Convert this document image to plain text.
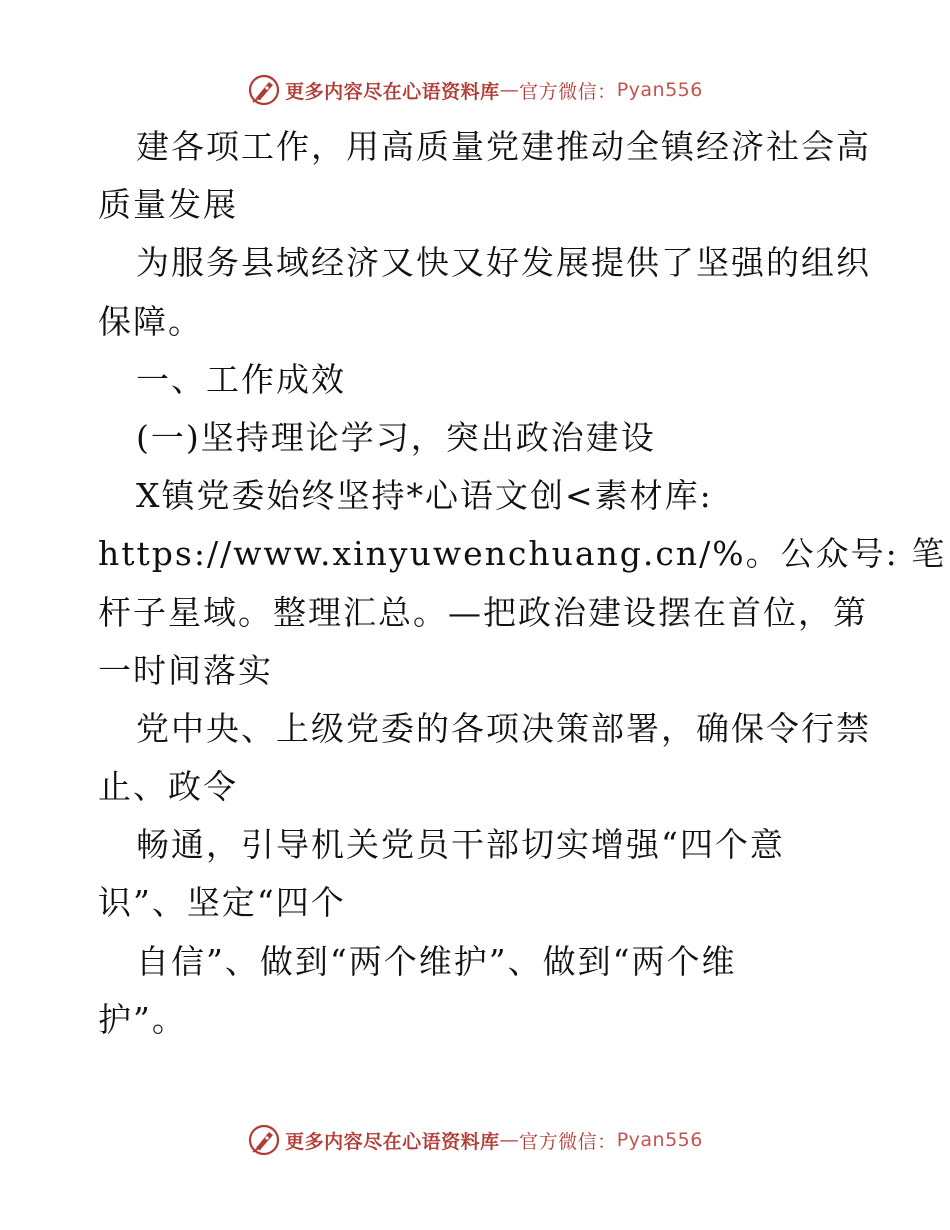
更多内容尽在心语资料库 — 官方微信： Pyan556
建各项工作，用高质量党建推动全镇经济社会高
质量发展
为服务县域经济又快又好发展提供了坚强的组织
保障。
一、工作成效
(一)坚持理论学习，突出政治建设
X镇党委始终坚持*心语文创<素材库:
https://www.xinyuwenchuang.cn/%。公众号: 笔
杆子星域。整理汇总。—把政治建设摆在首位，第
一时间落实
党中央、上级党委的各项决策部署，确保令行禁
止、政令
畅通，引导机关党员干部切实增强“四个意
识”、坚定“四个
自信”、做到“两个维护”、做到“两个维
护”。
更多内容尽在心语资料库 — 官方微信： Pyan556
